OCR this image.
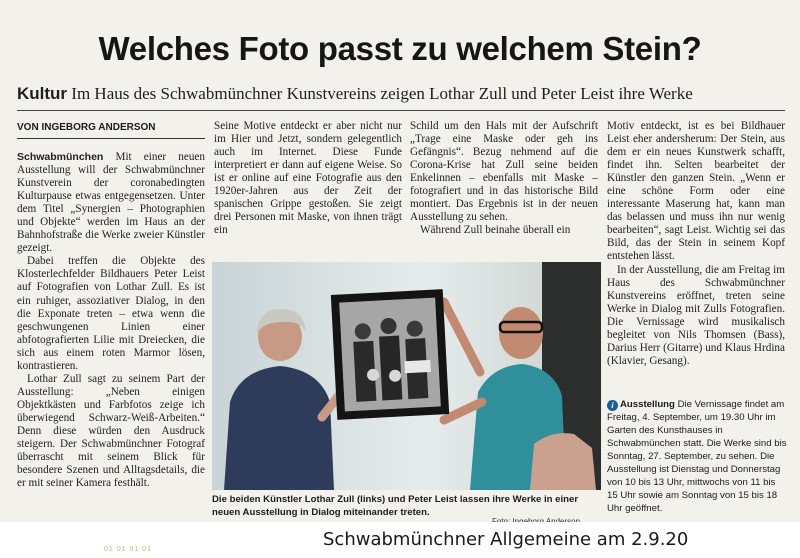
Welches Foto passt zu welchem Stein?
Kultur Im Haus des Schwabmünchner Kunstvereins zeigen Lothar Zull und Peter Leist ihre Werke
VON INGEBORG ANDERSON

Schwabmünchen Mit einer neuen Ausstellung will der Schwabmünchner Kunstverein der coronabedingten Kulturpause etwas entgegensetzen. Unter dem Titel „Synergien – Photographien und Objekte“ werden im Haus an der Bahnhofstraße die Werke zweier Künstler gezeigt.

Dabei treffen die Objekte des Klosterlechfelder Bildhauers Peter Leist auf Fotografien von Lothar Zull. Es ist ein ruhiger, assoziativer Dialog, in den die Exponate treten – etwa wenn die geschwungenen Linien einer abfotografierten Lilie mit Dreiecken, die sich aus einem roten Marmor lösen, kontrastieren.

Lothar Zull sagt zu seinem Part der Ausstellung: „Neben einigen Objektkästen und Farbfotos zeige ich überwiegend Schwarz-Weiß-Arbeiten.“ Denn diese würden den Ausdruck steigern. Der Schwabmünchner Fotograf überrascht mit seinem Blick für besondere Szenen und Alltagsdetails, die er mit seiner Kamera festhält.

Seine Motive entdeckt er aber nicht nur im Hier und Jetzt, sondern gelegentlich auch im Internet. Diese Funde interpretiert er dann auf eigene Weise. So ist er online auf eine Fotografie aus den 1920er-Jahren aus der Zeit der spanischen Grippe gestoßen. Sie zeigt drei Personen mit Maske, von ihnen trägt ein

Schild um den Hals mit der Aufschrift „Trage eine Maske oder geh ins Gefängnis“. Bezug nehmend auf die Corona-Krise hat Zull seine beiden Enkelinnen – ebenfalls mit Maske – fotografiert und in das historische Bild montiert. Das Ergebnis ist in der neuen Ausstellung zu sehen.

Während Zull beinahe überall ein

Motiv entdeckt, ist es bei Bildhauer Leist eher andersherum: Der Stein, aus dem er ein neues Kunstwerk schafft, findet ihn. Selten bearbeitet der Künstler den ganzen Stein. „Wenn er eine schöne Form oder eine interessante Maserung hat, kann man das belassen und muss ihn nur wenig bearbeiten“, sagt Leist. Wichtig sei das Bild, das der Stein in seinem Kopf entstehen lässt.

In der Ausstellung, die am Freitag im Haus des Schwabmünchner Kunstvereins eröffnet, treten seine Werke in Dialog mit Zulls Fotografien. Die Vernissage wird musikalisch begleitet von Nils Thomsen (Bass), Darius Herr (Gitarre) und Klaus Hrdina (Klavier, Gesang).

Die beiden Künstler Lothar Zull (links) und Peter Leist lassen ihre Werke in einer neuen Ausstellung in Dialog miteinander treten.
i Ausstellung Die Vernissage findet am Freitag, 4. September, um 19.30 Uhr im Garten des Kunsthauses in Schwabmünchen statt. Die Werke sind bis Sonntag, 27. September, zu sehen. Die Ausstellung ist Dienstag und Donnerstag von 10 bis 13 Uhr, mittwochs von 11 bis 15 Uhr sowie am Sonntag von 15 bis 18 Uhr geöffnet.
Schwabmünchner Allgemeine am 2.9.20
01 01 01 01
